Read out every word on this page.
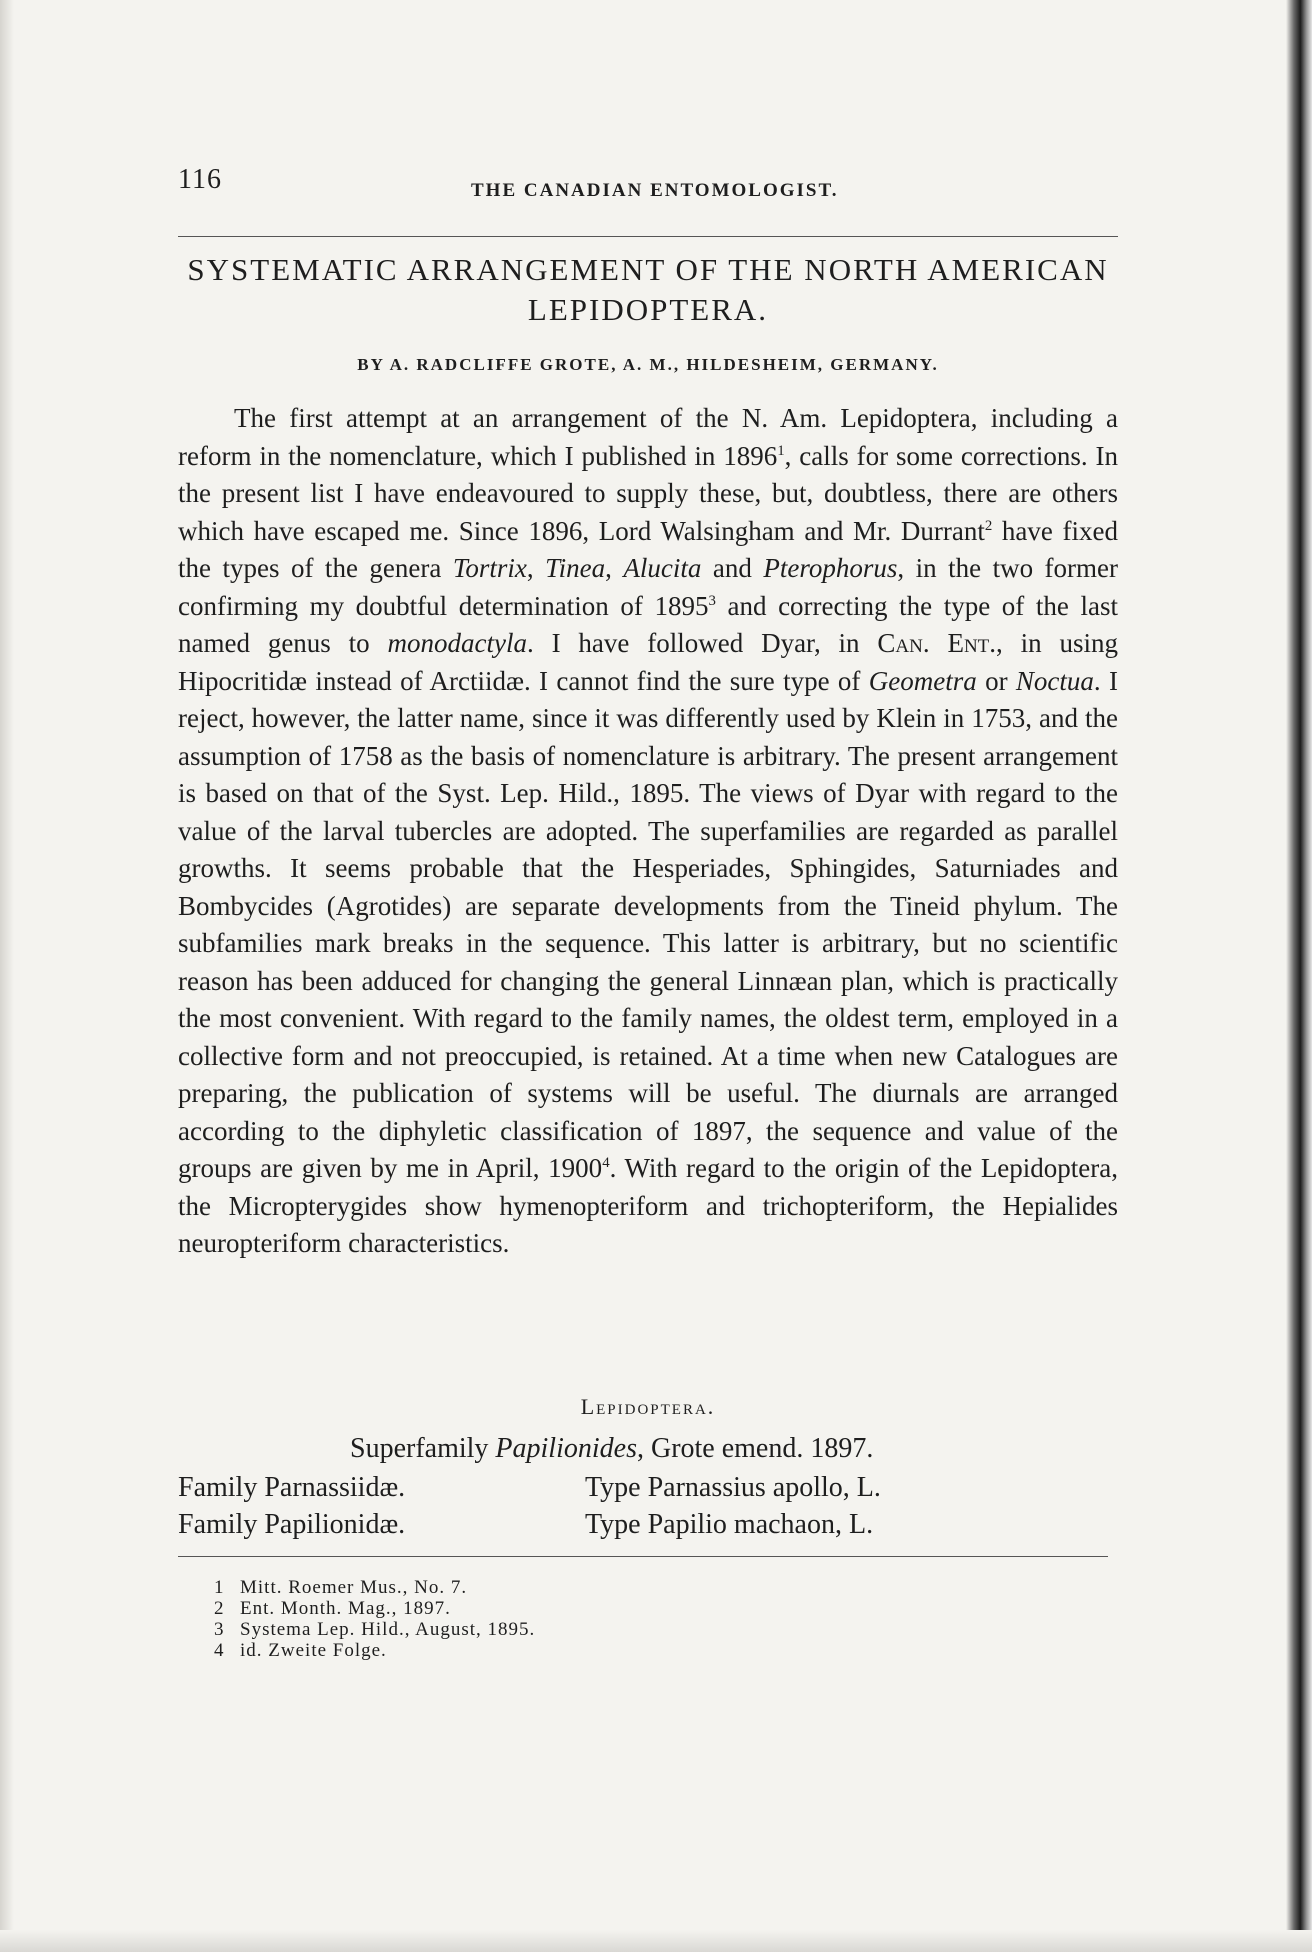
116	THE CANADIAN ENTOMOLOGIST.
SYSTEMATIC ARRANGEMENT OF THE NORTH AMERICAN
LEPIDOPTERA.
BY A. RADCLIFFE GROTE, A. M., HILDESHEIM, GERMANY.

The first attempt at an arrangement of the N. Am. Lepidoptera, including a reform in the nomenclature, which I published in 1896$^1$, calls for some corrections. In the present list I have endeavoured to supply these, but, doubtless, there are others which have escaped me. Since 1896, Lord Walsingham and Mr. Durrant$^2$ have fixed the types of the genera Tortrix, Tinea, Alucita and Pterophorus, in the two former confirming my doubtful determination of 1895$^3$ and correcting the type of the last named genus to monodactyla. I have followed Dyar, in Can. Ent., in using Hipocritidæ instead of Arctiidæ. I cannot find the sure type of Geometra or Noctua. I reject, however, the latter name, since it was differently used by Klein in 1753, and the assumption of 1758 as the basis of nomenclature is arbitrary. The present arrangement is based on that of the Syst. Lep. Hild., 1895. The views of Dyar with regard to the value of the larval tubercles are adopted. The superfamilies are regarded as parallel growths. It seems probable that the Hesperiades, Sphingides, Saturniades and Bombycides (Agrotides) are separate developments from the Tineid phylum. The subfamilies mark breaks in the sequence. This latter is arbitrary, but no scientific reason has been adduced for changing the general Linnæan plan, which is practically the most convenient. With regard to the family names, the oldest term, employed in a collective form and not preoccupied, is retained. At a time when new Catalogues are preparing, the publication of systems will be useful. The diurnals are arranged according to the diphyletic classification of 1897, the sequence and value of the groups are given by me in April, 1900$^4$. With regard to the origin of the Lepidoptera, the Micropterygides show hymenopteriform and trichopteriform, the Hepialides neuropteriform characteristics.

Lepidoptera.
Superfamily Papilionides, Grote emend. 1897.
Family Parnassiidæ.	Type Parnassius apollo, L.
Family Papilionidæ.	Type Papilio machaon, L.
1 Mitt. Roemer Mus., No. 7.
2 Ent. Month. Mag., 1897.
3 Systema Lep. Hild., August, 1895.
4 id. Zweite Folge.
